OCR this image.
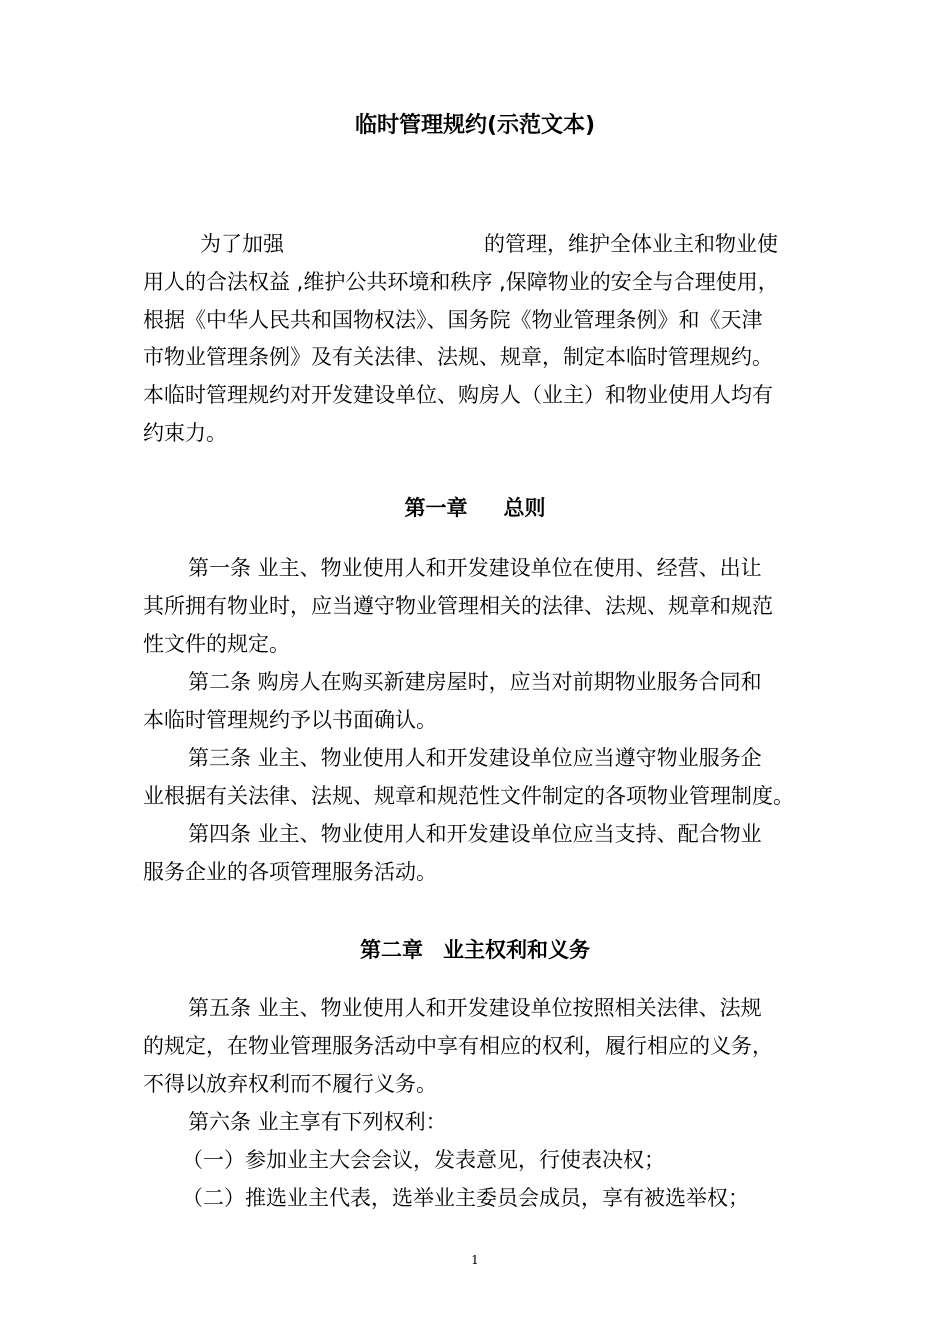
临时管理规约(示范文本)
为了加强	的管理，维护全体业主和物业使
用人的合法权益 ,维护公共环境和秩序 ,保障物业的安全与合理使用，
根据《中华人民共和国物权法》、国务院《物业管理条例》和《天津
市物业管理条例》及有关法律、法规、规章，制定本临时管理规约。
本临时管理规约对开发建设单位、购房人（业主）和物业使用人均有
约束力。
第一章 总则
第一条 业主、物业使用人和开发建设单位在使用、经营、出让
其所拥有物业时，应当遵守物业管理相关的法律、法规、规章和规范
性文件的规定。
第二条 购房人在购买新建房屋时，应当对前期物业服务合同和
本临时管理规约予以书面确认。
第三条 业主、物业使用人和开发建设单位应当遵守物业服务企
业根据有关法律、法规、规章和规范性文件制定的各项物业管理制度。
第四条 业主、物业使用人和开发建设单位应当支持、配合物业
服务企业的各项管理服务活动。
第二章 业主权利和义务
第五条 业主、物业使用人和开发建设单位按照相关法律、法规
的规定，在物业管理服务活动中享有相应的权利，履行相应的义务，
不得以放弃权利而不履行义务。
第六条 业主享有下列权利：
（一）参加业主大会会议，发表意见，行使表决权；
（二）推选业主代表，选举业主委员会成员，享有被选举权；
1
